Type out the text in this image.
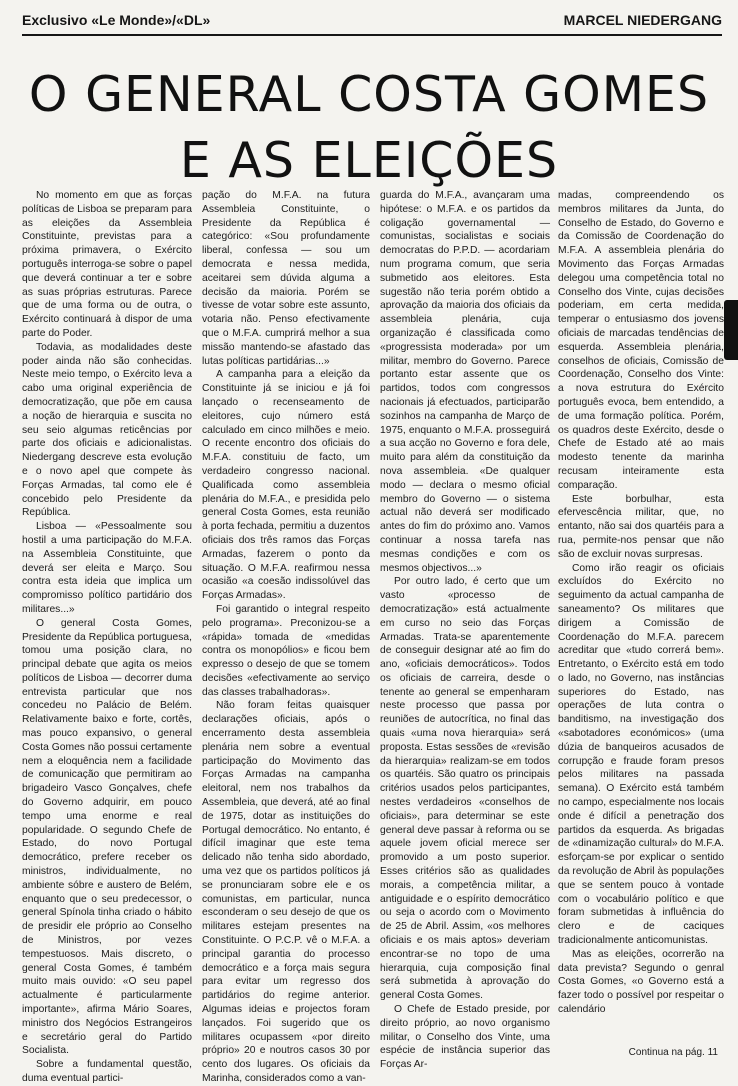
Exclusivo «Le Monde»/«DL»	MARCEL NIEDERGANG
O GENERAL COSTA GOMES
E AS ELEIÇÕES

No momento em que as forças políticas de Lisboa se preparam para as eleições da Assembleia Constituinte, previstas para a próxima primavera, o Exército português interroga-se sobre o papel que deverá continuar a ter e sobre as suas próprias estruturas. Parece que de uma forma ou de outra, o Exército continuará à dispor de uma parte do Poder.

Todavia, as modalidades deste poder ainda não são conhecidas. Neste meio tempo, o Exército leva a cabo uma original experiência de democratização, que põe em causa a noção de hierarquia e suscita no seu seio algumas reticências por parte dos oficiais e adicionalistas. Niedergang descreve esta evolução e o novo apel que compete às Forças Armadas, tal como ele é concebido pelo Presidente da República.

Lisboa — «Pessoalmente sou hostil a uma participação do M.F.A. na Assembleia Constituinte, que deverá ser eleita e Março. Sou contra esta ideia que implica um compromisso político partidário dos militares...»

O general Costa Gomes, Presidente da República portuguesa, tomou uma posição clara, no principal debate que agita os meios políticos de Lisboa — decorrer duma entrevista particular que nos concedeu no Palácio de Belém. Relativamente baixo e forte, cortês, mas pouco expansivo, o general Costa Gomes não possui certamente nem a eloquência nem a facilidade de comunicação que permitiram ao brigadeiro Vasco Gonçalves, chefe do Governo adquirir, em pouco tempo uma enorme e real popularidade. O segundo Chefe de Estado, do novo Portugal democrático, prefere receber os ministros, individualmente, no ambiente sóbre e austero de Belém, enquanto que o seu predecessor, o general Spínola tinha criado o hábito de presidir ele próprio ao Conselho de Ministros, por vezes tempestuosos. Mais discreto, o general Costa Gomes, é também muito mais ouvido: «O seu papel actualmente é particularmente importante», afirma Mário Soares, ministro dos Negócios Estrangeiros e secretário geral do Partido Socialista.

Sobre a fundamental questão, duma eventual partici-

pação do M.F.A. na futura Assembleia Constituinte, o Presidente da República é categórico: «Sou profundamente liberal, confessa — sou um democrata e nessa medida, aceitarei sem dúvida alguma a decisão da maioria. Porém se tivesse de votar sobre este assunto, votaria não. Penso efectivamente que o M.F.A. cumprirá melhor a sua missão mantendo-se afastado das lutas políticas partidárias...»

A campanha para a eleição da Constituinte já se iniciou e já foi lançado o recenseamento de eleitores, cujo número está calculado em cinco milhões e meio. O recente encontro dos oficiais do M.F.A. constituiu de facto, um verdadeiro congresso nacional. Qualificada como assembleia plenária do M.F.A., e presidida pelo general Costa Gomes, esta reunião à porta fechada, permitiu a duzentos oficiais dos três ramos das Forças Armadas, fazerem o ponto da situação. O M.F.A. reafirmou nessa ocasião «a coesão indissolúvel das Forças Armadas».

Foi garantido o integral respeito pelo programa». Preconizou-se a «rápida» tomada de «medidas contra os monopólios» e ficou bem expresso o desejo de que se tomem decisões «efectivamente ao serviço das classes trabalhadoras».

Não foram feitas quaisquer declarações oficiais, após o encerramento desta assembleia plenária nem sobre a eventual participação do Movimento das Forças Armadas na campanha eleitoral, nem nos trabalhos da Assembleia, que deverá, até ao final de 1975, dotar as instituições do Portugal democrático. No entanto, é difícil imaginar que este tema delicado não tenha sido abordado, uma vez que os partidos políticos já se pronunciaram sobre ele e os comunistas, em particular, nunca esconderam o seu desejo de que os militares estejam presentes na Constituinte. O P.C.P. vê o M.F.A. a principal garantia do processo democrático e a força mais segura para evitar um regresso dos partidários do regime anterior. Algumas ideias e projectos foram lançados. Foi sugerido que os militares ocupassem «por direito próprio» 20 e noutros casos 30 por cento dos lugares. Os oficiais da Marinha, considerados como a van-

guarda do M.F.A., avançaram uma hipótese: o M.F.A. e os partidos da coligação governamental — comunistas, socialistas e sociais democratas do P.P.D. — acordariam num programa comum, que seria submetido aos eleitores. Esta sugestão não teria porém obtido a aprovação da maioria dos oficiais da assembleia plenária, cuja organização é classificada como «progressista moderada» por um militar, membro do Governo. Parece portanto estar assente que os partidos, todos com congressos nacionais já efectuados, participarão sozinhos na campanha de Março de 1975, enquanto o M.F.A. prosseguirá a sua acção no Governo e fora dele, muito para além da constituição da nova assembleia. «De qualquer modo — declara o mesmo oficial membro do Governo — o sistema actual não deverá ser modificado antes do fim do próximo ano. Vamos continuar a nossa tarefa nas mesmas condições e com os mesmos objectivos...»

Por outro lado, é certo que um vasto «processo de democratização» está actualmente em curso no seio das Forças Armadas. Trata-se aparentemente de conseguir designar até ao fim do ano, «oficiais democráticos». Todos os oficiais de carreira, desde o tenente ao general se empenharam neste processo que passa por reuniões de autocrítica, no final das quais «uma nova hierarquia» será proposta. Estas sessões de «revisão da hierarquia» realizam-se em todos os quartéis. São quatro os principais critérios usados pelos participantes, nestes verdadeiros «conselhos de oficiais», para determinar se este general deve passar à reforma ou se aquele jovem oficial merece ser promovido a um posto superior. Esses critérios são as qualidades morais, a competência militar, a antiguidade e o espírito democrático ou seja o acordo com o Movimento de 25 de Abril. Assim, «os melhores oficiais e os mais aptos» deveriam encontrar-se no topo de uma hierarquia, cuja composição final será submetida à aprovação do general Costa Gomes.

O Chefe de Estado preside, por direito próprio, ao novo organismo militar, o Conselho dos Vinte, uma espécie de instância superior das Forças Ar-

madas, compreendendo os membros militares da Junta, do Conselho de Estado, do Governo e da Comissão de Coordenação do M.F.A. A assembleia plenária do Movimento das Forças Armadas delegou uma competência total no Conselho dos Vinte, cujas decisões poderiam, em certa medida, temperar o entusiasmo dos jovens oficiais de marcadas tendências de esquerda. Assembleia plenária, conselhos de oficiais, Comissão de Coordenação, Conselho dos Vinte: a nova estrutura do Exército português evoca, bem entendido, a de uma formação política. Porém, os quadros deste Exército, desde o Chefe de Estado até ao mais modesto tenente da marinha recusam inteiramente esta comparação.

Este borbulhar, esta efervescência militar, que, no entanto, não sai dos quartéis para a rua, permite-nos pensar que não são de excluir novas surpresas.

Como irão reagir os oficiais excluídos do Exército no seguimento da actual campanha de saneamento? Os militares que dirigem a Comissão de Coordenação do M.F.A. parecem acreditar que «tudo correrá bem». Entretanto, o Exército está em todo o lado, no Governo, nas instâncias superiores do Estado, nas operações de luta contra o banditismo, na investigação dos «sabotadores económicos» (uma dúzia de banqueiros acusados de corrupção e fraude foram presos pelos militares na passada semana). O Exército está também no campo, especialmente nos locais onde é difícil a penetração dos partidos da esquerda. As brigadas de «dinamização cultural» do M.F.A. esforçam-se por explicar o sentido da revolução de Abril às populações que se sentem pouco à vontade com o vocabulário político e que foram submetidas à influência do clero e de caciques tradicionalmente anticomunistas.

Mas as eleições, ocorrerão na data prevista? Segundo o genral Costa Gomes, «o Governo está a fazer todo o possível por respeitar o calendário

Continua na pág. 11
